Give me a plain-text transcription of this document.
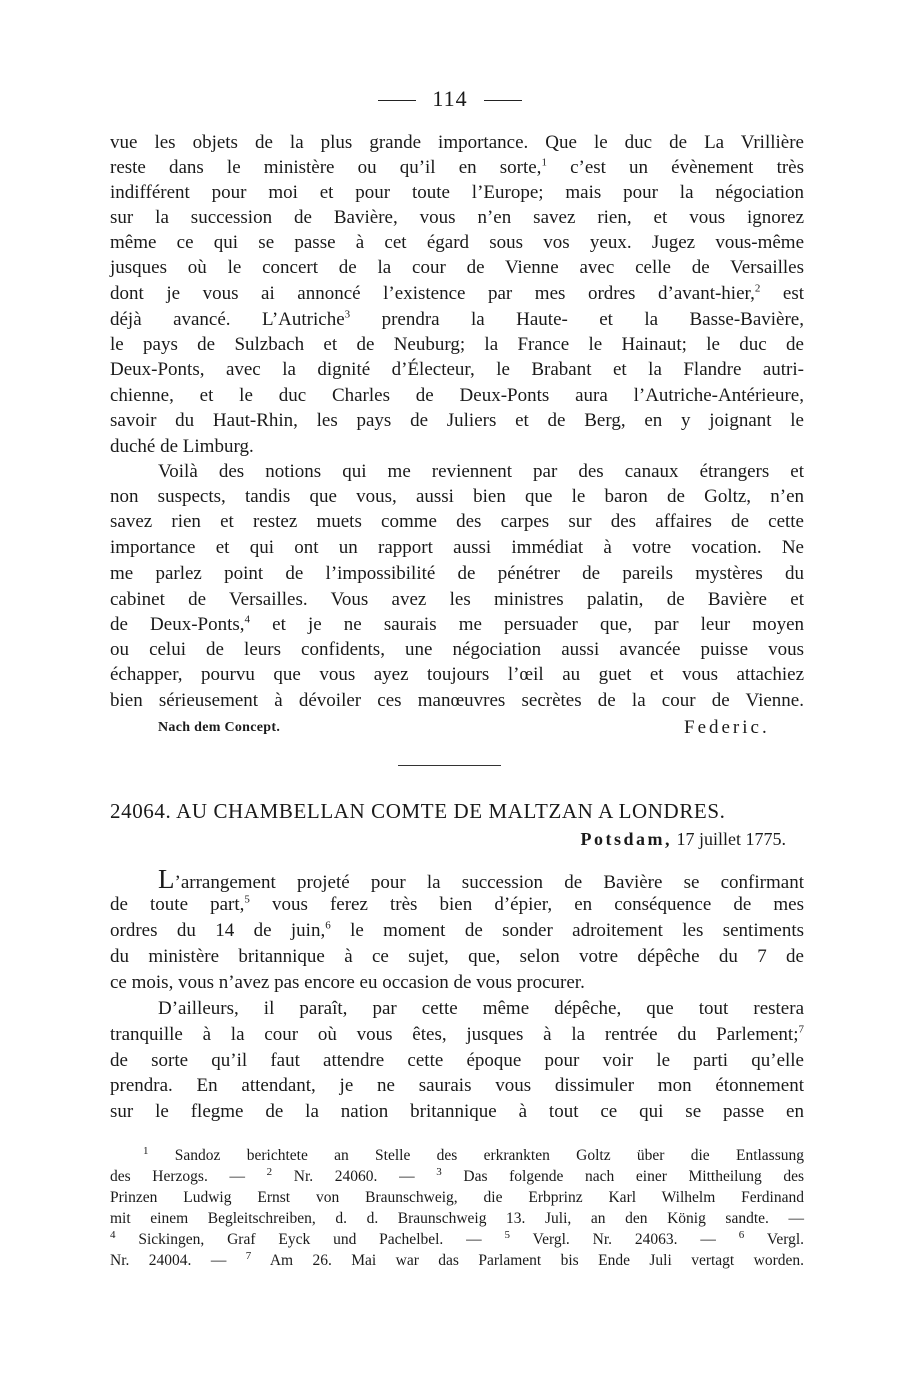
114
vue les objets de la plus grande importance. Que le duc de La Vrillière
reste dans le ministère ou qu’il en sorte,$^1$ c’est un évènement très
indifférent pour moi et pour toute l’Europe; mais pour la négociation
sur la succession de Bavière, vous n’en savez rien, et vous ignorez
même ce qui se passe à cet égard sous vos yeux. Jugez vous-même
jusques où le concert de la cour de Vienne avec celle de Versailles
dont je vous ai annoncé l’existence par mes ordres d’avant-hier,$^2$ est
déjà avancé. L’Autriche$^3$ prendra la Haute- et la Basse-Bavière,
le pays de Sulzbach et de Neuburg; la France le Hainaut; le duc de
Deux-Ponts, avec la dignité d’Électeur, le Brabant et la Flandre autri-
chienne, et le duc Charles de Deux-Ponts aura l’Autriche-Antérieure,
savoir du Haut-Rhin, les pays de Juliers et de Berg, en y joignant le
duché de Limburg.
Voilà des notions qui me reviennent par des canaux étrangers et
non suspects, tandis que vous, aussi bien que le baron de Goltz, n’en
savez rien et restez muets comme des carpes sur des affaires de cette
importance et qui ont un rapport aussi immédiat à votre vocation. Ne
me parlez point de l’impossibilité de pénétrer de pareils mystères du
cabinet de Versailles. Vous avez les ministres palatin, de Bavière et
de Deux-Ponts,$^4$ et je ne saurais me persuader que, par leur moyen
ou celui de leurs confidents, une négociation aussi avancée puisse vous
échapper, pourvu que vous ayez toujours l’œil au guet et vous attachiez
bien sérieusement à dévoiler ces manœuvres secrètes de la cour de Vienne.
Nach dem Concept.	Federic.
24064. AU CHAMBELLAN COMTE DE MALTZAN A LONDRES.
Potsdam, 17 juillet 1775.
L’arrangement projeté pour la succession de Bavière se confirmant
de toute part,$^5$ vous ferez très bien d’épier, en conséquence de mes
ordres du 14 de juin,$^6$ le moment de sonder adroitement les sentiments
du ministère britannique à ce sujet, que, selon votre dépêche du 7 de
ce mois, vous n’avez pas encore eu occasion de vous procurer.
D’ailleurs, il paraît, par cette même dépêche, que tout restera
tranquille à la cour où vous êtes, jusques à la rentrée du Parlement;$^7$
de sorte qu’il faut attendre cette époque pour voir le parti qu’elle
prendra. En attendant, je ne saurais vous dissimuler mon étonnement
sur le flegme de la nation britannique à tout ce qui se passe en
$^1$ Sandoz berichtete an Stelle des erkrankten Goltz über die Entlassung
des Herzogs. — $^2$ Nr. 24060. — $^3$ Das folgende nach einer Mittheilung des
Prinzen Ludwig Ernst von Braunschweig, die Erbprinz Karl Wilhelm Ferdinand
mit einem Begleitschreiben, d. d. Braunschweig 13. Juli, an den König sandte. —
$^4$ Sickingen, Graf Eyck und Pachelbel. — $^5$ Vergl. Nr. 24063. — $^6$ Vergl.
Nr. 24004. — $^7$ Am 26. Mai war das Parlament bis Ende Juli vertagt worden.
